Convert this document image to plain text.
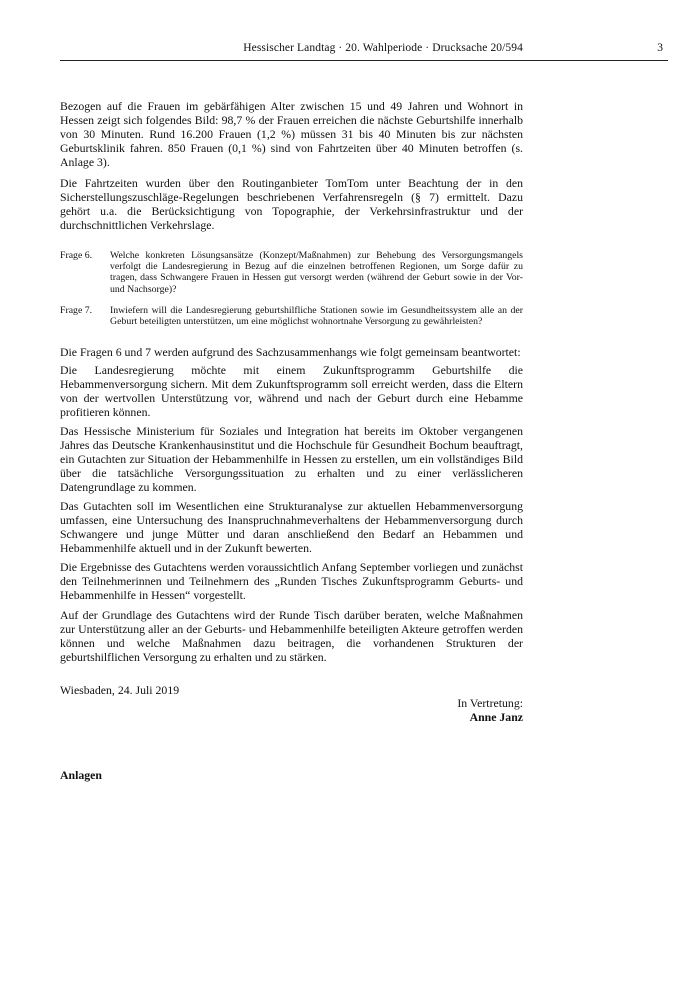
Hessischer Landtag · 20. Wahlperiode · Drucksache 20/594	3

Bezogen auf die Frauen im gebärfähigen Alter zwischen 15 und 49 Jahren und Wohnort in Hessen zeigt sich folgendes Bild: 98,7 % der Frauen erreichen die nächste Geburtshilfe innerhalb von 30 Minuten. Rund 16.200 Frauen (1,2 %) müssen 31 bis 40 Minuten bis zur nächsten Geburtsklinik fahren. 850 Frauen (0,1 %) sind von Fahrtzeiten über 40 Minuten betroffen (s. Anlage 3).

Die Fahrtzeiten wurden über den Routinganbieter TomTom unter Beachtung der in den Sicherstellungszuschläge-Regelungen beschriebenen Verfahrensregeln (§ 7) ermittelt. Dazu gehört u.a. die Berücksichtigung von Topographie, der Verkehrsinfrastruktur und der durchschnittlichen Verkehrslage.

Frage 6. Welche konkreten Lösungsansätze (Konzept/Maßnahmen) zur Behebung des Versorgungsmangels verfolgt die Landesregierung in Bezug auf die einzelnen betroffenen Regionen, um Sorge dafür zu tragen, dass Schwangere Frauen in Hessen gut versorgt werden (während der Geburt sowie in der Vor- und Nachsorge)?
Frage 7. Inwiefern will die Landesregierung geburtshilfliche Stationen sowie im Gesundheitssystem alle an der Geburt beteiligten unterstützen, um eine möglichst wohnortnahe Versorgung zu gewährleisten?

Die Fragen 6 und 7 werden aufgrund des Sachzusammenhangs wie folgt gemeinsam beantwortet:

Die Landesregierung möchte mit einem Zukunftsprogramm Geburtshilfe die Hebammenversorgung sichern. Mit dem Zukunftsprogramm soll erreicht werden, dass die Eltern von der wertvollen Unterstützung vor, während und nach der Geburt durch eine Hebamme profitieren können.

Das Hessische Ministerium für Soziales und Integration hat bereits im Oktober vergangenen Jahres das Deutsche Krankenhausinstitut und die Hochschule für Gesundheit Bochum beauftragt, ein Gutachten zur Situation der Hebammenhilfe in Hessen zu erstellen, um ein vollständiges Bild über die tatsächliche Versorgungssituation zu erhalten und zu einer verlässlicheren Datengrundlage zu kommen.

Das Gutachten soll im Wesentlichen eine Strukturanalyse zur aktuellen Hebammenversorgung umfassen, eine Untersuchung des Inanspruchnahmeverhaltens der Hebammenversorgung durch Schwangere und junge Mütter und daran anschließend den Bedarf an Hebammen und Hebammenhilfe aktuell und in der Zukunft bewerten.

Die Ergebnisse des Gutachtens werden voraussichtlich Anfang September vorliegen und zunächst den Teilnehmerinnen und Teilnehmern des „Runden Tisches Zukunftsprogramm Geburts- und Hebammenhilfe in Hessen“ vorgestellt.

Auf der Grundlage des Gutachtens wird der Runde Tisch darüber beraten, welche Maßnahmen zur Unterstützung aller an der Geburts- und Hebammenhilfe beteiligten Akteure getroffen werden können und welche Maßnahmen dazu beitragen, die vorhandenen Strukturen der geburtshilflichen Versorgung zu erhalten und zu stärken.

Wiesbaden, 24. Juli 2019
In Vertretung:
Anne Janz
Anlagen
